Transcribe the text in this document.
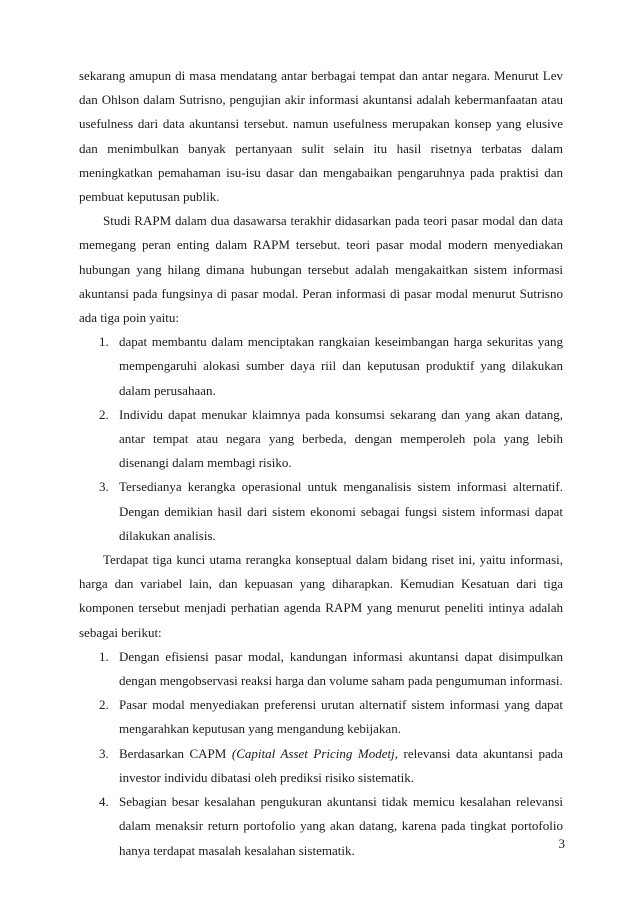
sekarang amupun di masa mendatang antar berbagai tempat dan antar negara. Menurut Lev dan Ohlson dalam Sutrisno, pengujian akir informasi akuntansi adalah kebermanfaatan atau usefulness dari data akuntansi tersebut. namun usefulness merupakan konsep yang elusive dan menimbulkan banyak pertanyaan sulit selain itu hasil risetnya terbatas dalam meningkatkan pemahaman isu-isu dasar dan mengabaikan pengaruhnya pada praktisi dan pembuat keputusan publik.

Studi RAPM dalam dua dasawarsa terakhir didasarkan pada teori pasar modal dan data memegang peran enting dalam RAPM tersebut. teori pasar modal modern menyediakan hubungan yang hilang dimana hubungan tersebut adalah mengakaitkan sistem informasi akuntansi pada fungsinya di pasar modal. Peran informasi di pasar modal menurut Sutrisno ada tiga poin yaitu:

1. dapat membantu dalam menciptakan rangkaian keseimbangan harga sekuritas yang mempengaruhi alokasi sumber daya riil dan keputusan produktif yang dilakukan dalam perusahaan.
2. Individu dapat menukar klaimnya pada konsumsi sekarang dan yang akan datang, antar tempat atau negara yang berbeda, dengan memperoleh pola yang lebih disenangi dalam membagi risiko.
3. Tersedianya kerangka operasional untuk menganalisis sistem informasi alternatif. Dengan demikian hasil dari sistem ekonomi sebagai fungsi sistem informasi dapat dilakukan analisis.

Terdapat tiga kunci utama rerangka konseptual dalam bidang riset ini, yaitu informasi, harga dan variabel lain, dan kepuasan yang diharapkan. Kemudian Kesatuan dari tiga komponen tersebut menjadi perhatian agenda RAPM yang menurut peneliti intinya adalah sebagai berikut:

1. Dengan efisiensi pasar modal, kandungan informasi akuntansi dapat disimpulkan dengan mengobservasi reaksi harga dan volume saham pada pengumuman informasi.
2. Pasar modal menyediakan preferensi urutan alternatif sistem informasi yang dapat mengarahkan keputusan yang mengandung kebijakan.
3. Berdasarkan CAPM (Capital Asset Pricing Modetj, relevansi data akuntansi pada investor individu dibatasi oleh prediksi risiko sistematik.
4. Sebagian besar kesalahan pengukuran akuntansi tidak memicu kesalahan relevansi dalam menaksir return portofolio yang akan datang, karena pada tingkat portofolio hanya terdapat masalah kesalahan sistematik.	3
